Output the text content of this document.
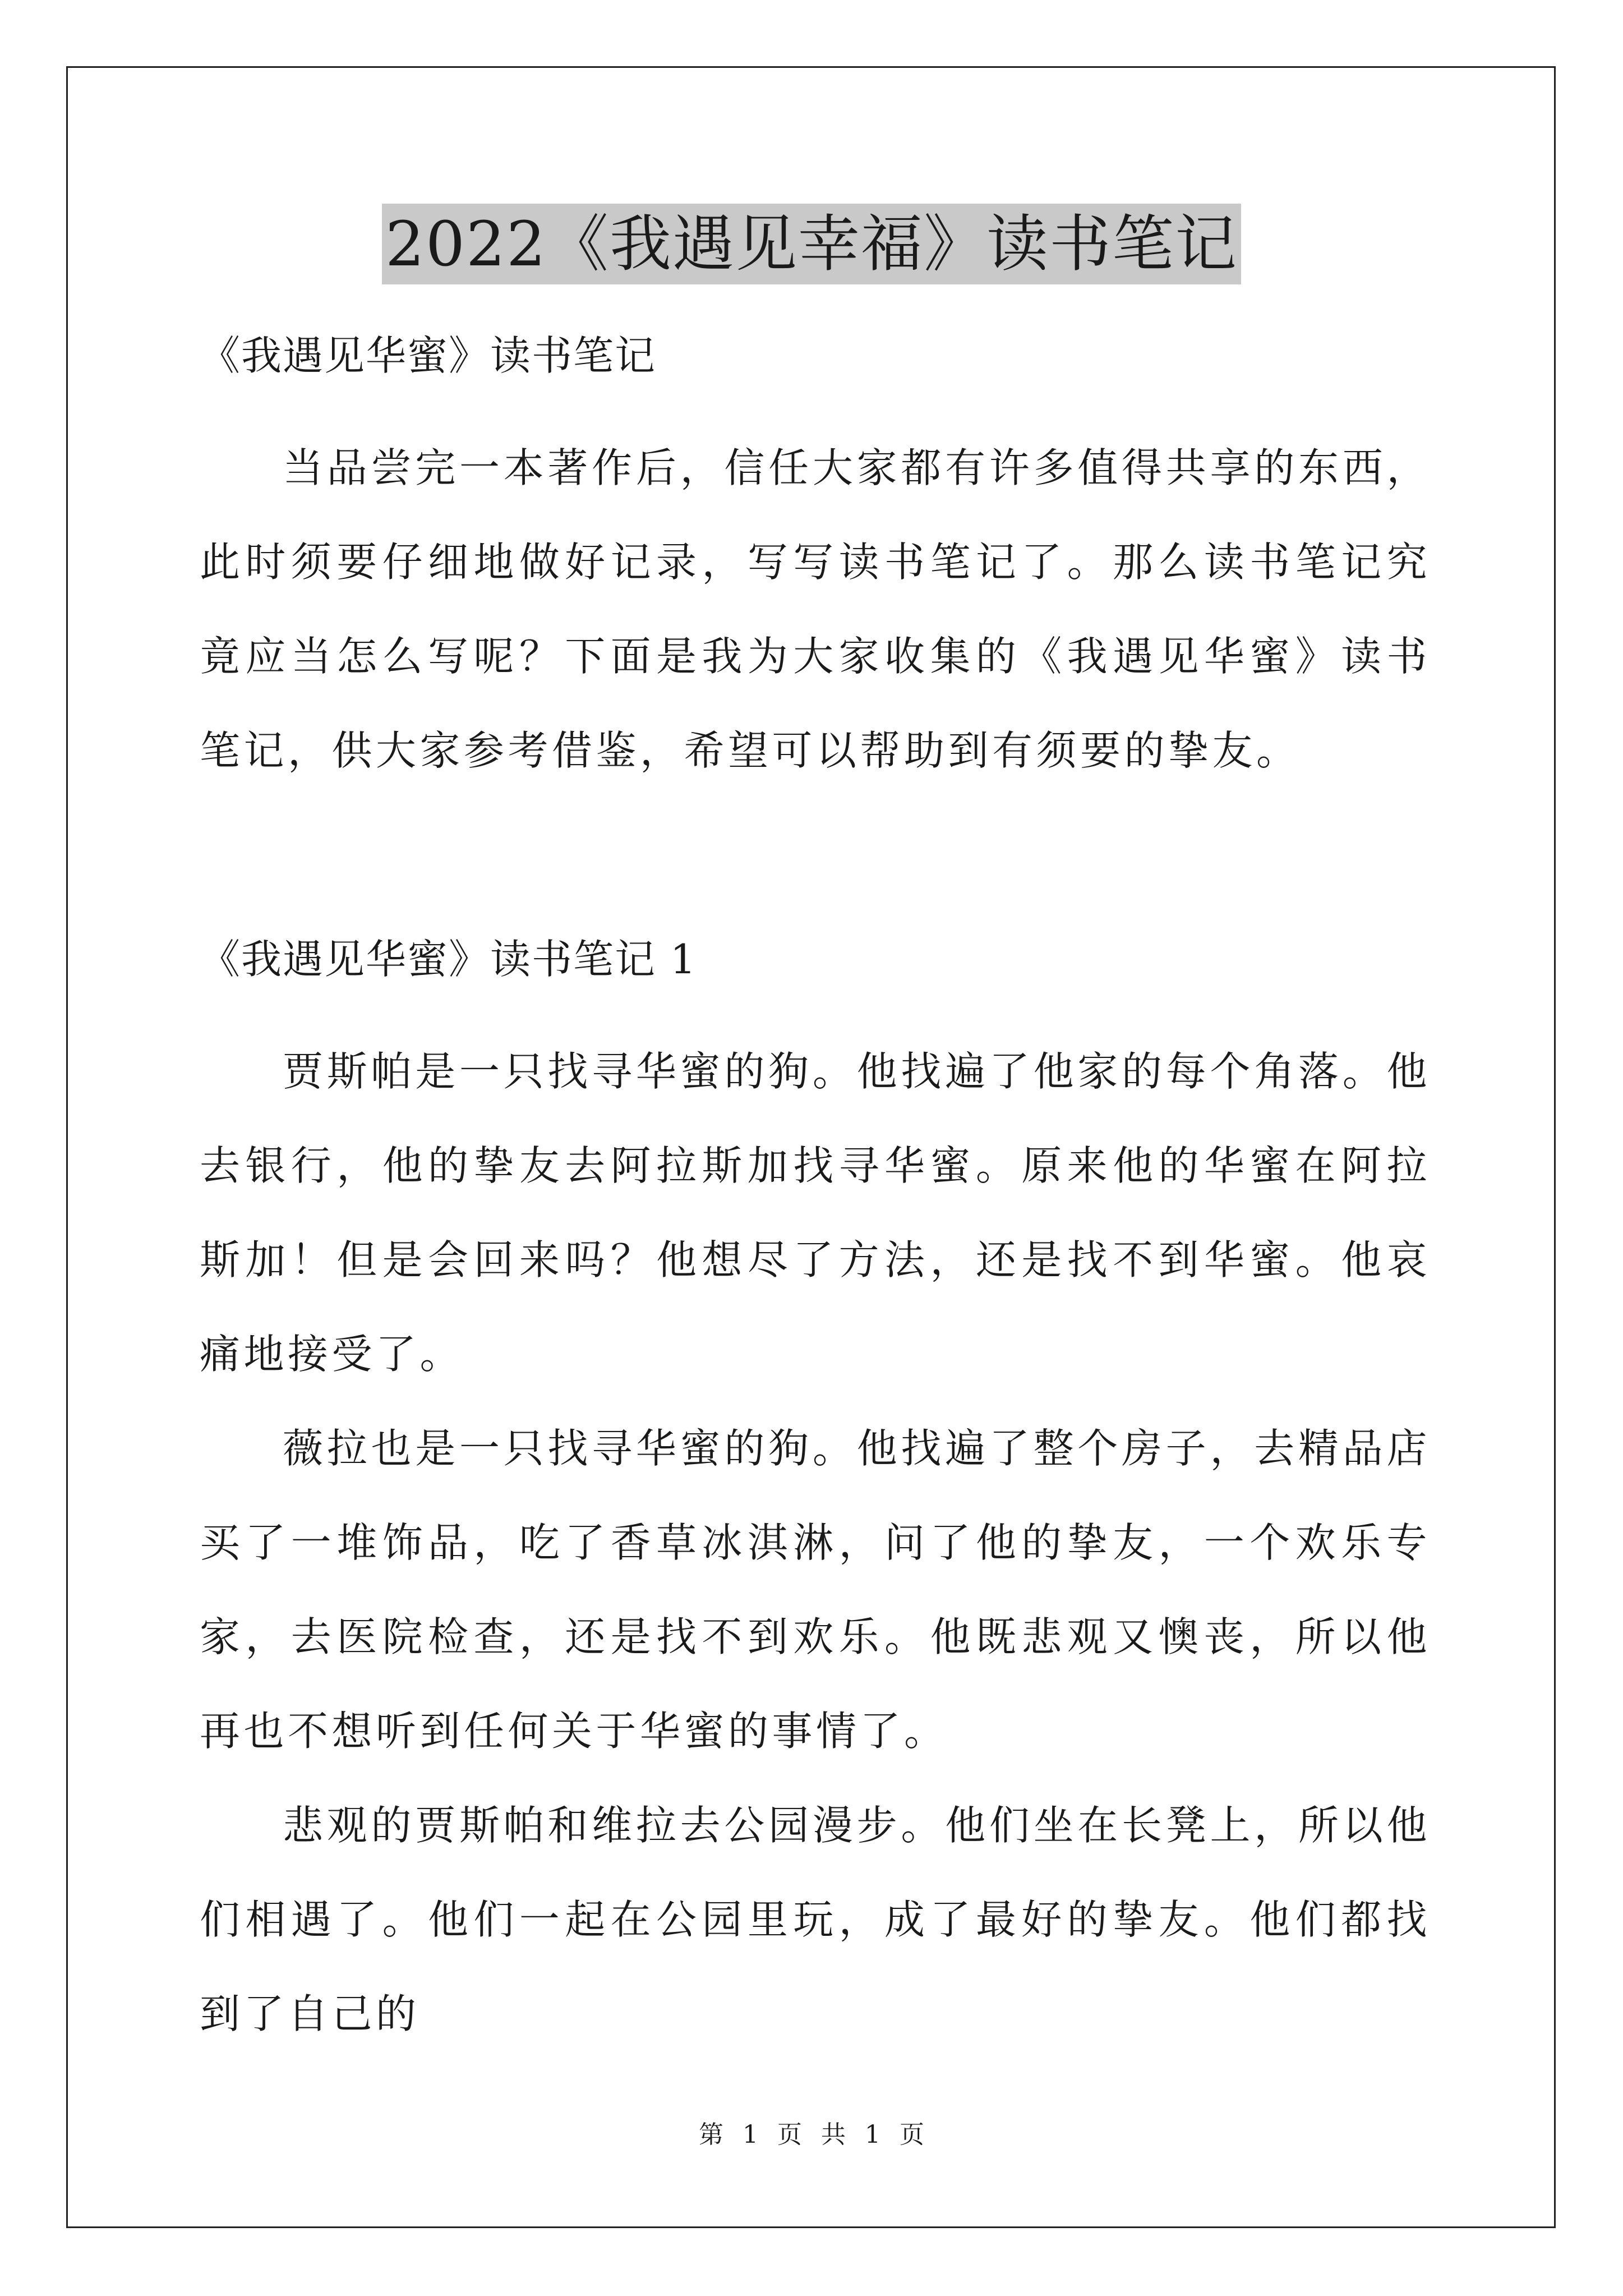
2022《我遇见幸福》读书笔记
《我遇见华蜜》读书笔记

当品尝完一本著作后，信任大家都有许多值得共享的东西，此时须要仔细地做好记录，写写读书笔记了。那么读书笔记究竟应当怎么写呢？下面是我为大家收集的《我遇见华蜜》读书笔记，供大家参考借鉴，希望可以帮助到有须要的挚友。

《我遇见华蜜》读书笔记 1

贾斯帕是一只找寻华蜜的狗。他找遍了他家的每个角落。他去银行，他的挚友去阿拉斯加找寻华蜜。原来他的华蜜在阿拉斯加！但是会回来吗？他想尽了方法，还是找不到华蜜。他哀痛地接受了。

薇拉也是一只找寻华蜜的狗。他找遍了整个房子，去精品店买了一堆饰品，吃了香草冰淇淋，问了他的挚友，一个欢乐专家，去医院检查，还是找不到欢乐。他既悲观又懊丧，所以他再也不想听到任何关于华蜜的事情了。

悲观的贾斯帕和维拉去公园漫步。他们坐在长凳上，所以他们相遇了。他们一起在公园里玩，成了最好的挚友。他们都找到了自己的

第 1 页 共 1 页
